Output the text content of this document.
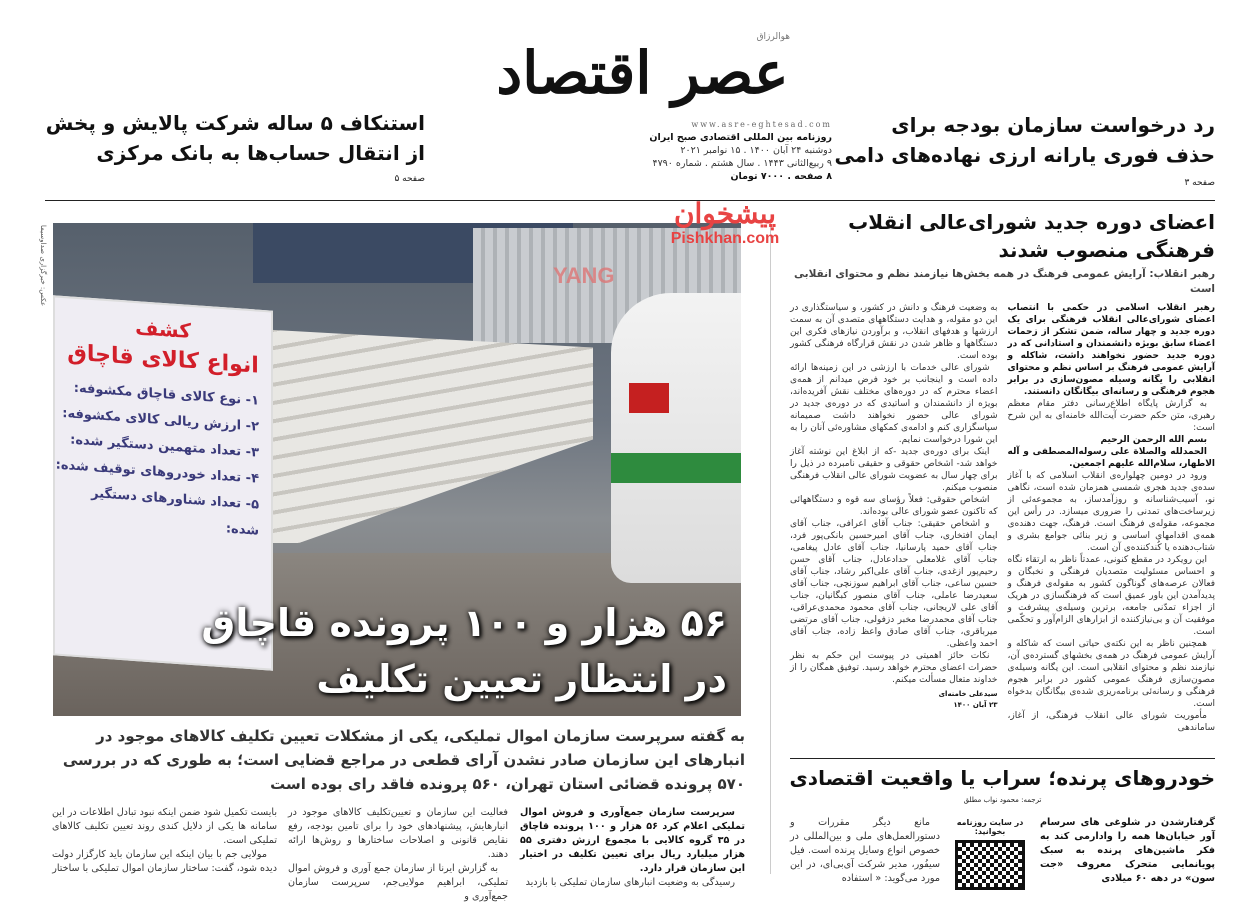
رد درخواست سازمان بودجه برای
حذف فوری یارانه ارزی نهاده‌های دامی
صفحه ۳
هوالرزاق
عصر اقتصاد
www.asre-eghtesad.com
روزنامه بین المللی اقتصادی صبح ایران
دوشنبه ۲۴ آبان ۱۴۰۰ . ۱۵ نوامبر ۲۰۲۱
۹ ربیع‌الثانی ۱۴۴۳ . سال هشتم . شماره ۴۷۹۰
۸ صفحه . ۷۰۰۰ تومان
استنکاف ۵ ساله شرکت پالایش و پخش
از انتقال حساب‌ها به بانک مرکزی
صفحه ۵
عکس: خبرگزاری صداوسیما	YANG
کشف
انواع کالای قاچاق
۱- نوع کالای قاچاق مکشوفه:
۲- ارزش ریالی کالای مکشوفه:
۳- تعداد متهمین دستگیر شده:
۴- تعداد خودروهای توقیف شده:
۵- تعداد شناورهای دستگیر شده:
۵۶ هزار و ۱۰۰ پرونده قاچاق
در انتظار تعیین تکلیف
پیشخوان
Pishkhan.com
به گفته سرپرست سازمان اموال تملیکی، یکی از مشکلات تعیین تکلیف کالاهای موجود در انبارهای این سازمان صادر نشدن آرای قطعی در مراجع قضایی است؛ به طوری که در بررسی ۵۷۰ پرونده قضائی استان تهران، ۵۶۰ پرونده فاقد رای بوده است

سرپرست سازمان جمع‌آوری و فروش اموال تملیکی اعلام کرد ۵۶ هزار و ۱۰۰ پرونده قاچاق در ۳۵ گروه کالایی با مجموع ارزش دفتری ۵۵ هزار میلیارد ریال برای تعیین تکلیف در اختیار این سازمان قرار دارد.

رسیدگی به وضعیت انبارهای سازمان تملیکی با بازدید

فعالیت این سازمان و تعیین‌تکلیف کالاهای موجود در انبارهایش، پیشنهادهای خود را برای تامین بودجه، رفع نقایص قانونی و اصلاحات ساختارها و روش‌ها ارائه دهند.

به گزارش ایرنا از سازمان جمع آوری و فروش اموال تملیکی، ابراهیم مولایی‌جم، سرپرست سازمان جمع‌آوری و

بایست تکمیل شود ضمن اینکه نبود تبادل اطلاعات در این سامانه ها یکی از دلایل کندی روند تعیین تکلیف کالاهای تملیکی است.

مولایی جم با بیان اینکه این سازمان باید کارگزار دولت دیده شود، گفت: ساختار سازمان اموال تملیکی با ساختار

اعضای دوره جدید شورای‌عالی انقلاب فرهنگی منصوب شدند
رهبر انقلاب: آرایش عمومی فرهنگ در همه بخش‌ها نیازمند نظم و محتوای انقلابی است

رهبر انقلاب اسلامی در حکمی با انتصاب اعضای شورای‌عالی انقلاب فرهنگی برای یک دوره جدید و چهار ساله، ضمن تشکر از زحمات اعضاء سابق بویژه دانشمندان و استادانی که در دوره جدید حضور نخواهند داشت، شاکله و آرایش عمومی فرهنگ بر اساس نظم و محتوای انقلابی را یگانه وسیله مصون‌سازی در برابر هجوم فرهنگی و رسانه‌ای بیگانگان دانستند.

به گزارش پایگاه اطلاع‌رسانی دفتر مقام معظم رهبری، متن حکم حضرت آیت‌الله خامنه‌ای به این شرح است:

بسم الله الرحمن الرحیم

الحمدلله والصلاة علی رسوله‌المصطفی و آله الاطهار، سلام‌الله علیهم اجمعین.

ورود در دومین چهلواره‌ی انقلاب اسلامی که با آغاز سده‌ی جدید هجری شمسی همزمان شده است، نگاهی نو، آسیب‌شناسانه و روزآمدساز، به مجموعه‌ئی از زیرساخت‌های تمدنی را ضروری میسازد. در رأس این مجموعه، مقوله‌ی فرهنگ است. فرهنگ، جهت دهنده‌ی همه‌ی اقدامهای اساسی و زیر بنائی جوامع بشری و شتاب‌دهنده یا کُندکننده‌ی آن است.

این رویکرد در مقطع کنونی، عمدتاً ناظر به ارتقاء نگاه و احساس مسئولیت متصدیان فرهنگی و نخبگان و فعالان عرصه‌های گوناگون کشور به مقوله‌ی فرهنگ و پدیدآمدن این باور عمیق است که فرهنگسازی در هریک از اجزاء تمدّنی جامعه، برترین وسیله‌ی پیشرفت و موفقیت آن و بی‌نیازکننده از ابزارهای الزام‌آور و تحکّمی است.

همچنین ناظر به این نکته‌ی حیاتی است که شاکله و آرایش عمومی فرهنگ در همه‌ی بخشهای گسترده‌ی آن، نیازمند نظم و محتوای انقلابی است. این یگانه وسیله‌ی مصون‌سازی فرهنگ عمومی کشور در برابر هجوم فرهنگی و رسانه‌ئی برنامه‌ریزی شده‌ی بیگانگان بدخواه است.

مأموریت شورای عالی انقلاب فرهنگی، از آغاز، ساماندهی

به وضعیت فرهنگ و دانش در کشور، و سیاستگذاری در این دو مقوله، و هدایت دستگاههای متصدی آن به سمت ارزشها و هدفهای انقلاب، و برآوردن نیازهای فکری این دستگاهها و ظاهر شدن در نقش قرارگاه فرهنگی کشور بوده است.

شورای عالی خدمات با ارزشی در این زمینه‌ها ارائه داده است و اینجانب بر خود فرض میدانم از همه‌ی اعضاء محترم که در دوره‌های مختلف نقش آفریده‌اند، بویژه از دانشمندان و اساتیدی که در دوره‌ی جدید در شورای عالی حضور نخواهند داشت صمیمانه سپاسگزاری کنم و ادامه‌ی کمکهای مشاوره‌ئی آنان را به این شورا درخواست نمایم.

اینک برای دوره‌ی جدید -که از ابلاغ این نوشته آغاز خواهد شد- اشخاص حقوقی و حقیقی نامبرده در ذیل را برای چهار سال به عضویت شورای عالی انقلاب فرهنگی منصوب میکنم.

اشخاص حقوقی: فعلاً رؤسای سه قوه و دستگاههائی که تاکنون عضو شورای عالی بوده‌اند.

و اشخاص حقیقی: جناب آقای اعرافی، جناب آقای ایمان افتخاری، جناب آقای امیرحسین بانکی‌پور فرد، جناب آقای حمید پارسانیا، جناب آقای عادل پیغامی، جناب آقای غلامعلی حدادعادل، جناب آقای حسن رحیم‌پور ازغدی، جناب آقای علی‌اکبر رشاد، جناب آقای حسین ساعی، جناب آقای ابراهیم سوزنچی، جناب آقای سعیدرضا عاملی، جناب آقای منصور کبگانیان، جناب آقای علی لاریجانی، جناب آقای محمود محمدی‌عراقی، جناب آقای محمدرضا مخبر دزفولی، جناب آقای مرتضی میرباقری، جناب آقای صادق واعظ زاده، جناب آقای احمد واعظی.

نکات حائز اهمیتی در پیوست این حکم به نظر حضرات اعضای محترم خواهد رسید. توفیق همگان را از خداوند متعال مسألت میکنم.

سیدعلی خامنه‌ای

۲۳ آبان ۱۴۰۰

خودروهای پرنده؛ سراب یا واقعیت اقتصادی
ترجمه: محمود نواب مطلق
گرفتارشدن در شلوغی های سرسام آور خیابان‌ها همه را وادارمی کند به فکر ماشین‌های پرنده به سبک پویانمایی متحرک معروف «جت سون» در دهه ۶۰ میلادی
در سایت روزنامه بخوانید:
مانع دیگر مقررات و دستورالعمل‌های ملی و بین‌المللی در خصوص انواع وسایل پرنده است. فیل سیفُور، مدیر شرکت آی‌بی‌ای، در این مورد می‌گوید: « استفاده
